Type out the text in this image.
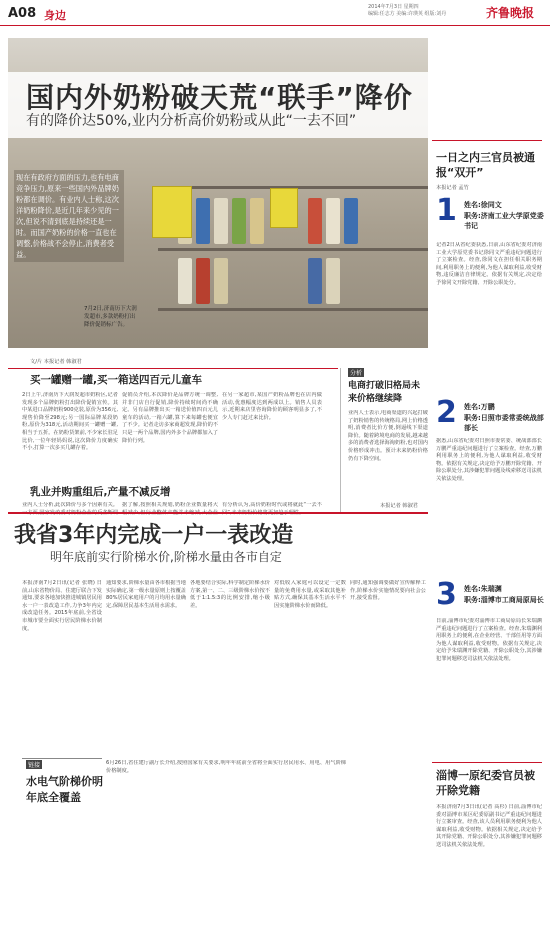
A08 身边
2014年7月3日 星期四
编辑:任志方 美编:许瑛英 组版:刘丹	齐鲁晚报
国内外奶粉破天荒“联手”降价
有的降价达50%,业内分析高价奶粉或从此“一去不回”
现在有政府方面的压力,也有电商竞争压力,原来一些国内外品牌奶粉都在调价。有业内人士称,这次洋奶粉降价,是近几年来少见的一次,但说不清到底是持续还是一时。而国产奶粉的价格一直也在调整,价格战不会停止,消费者受益。
7月2日,济南历下大润发超市,多款奶粉打出降价促销标广告。
文/片 本报记者 韩淑君
买一罐赠一罐,买一箱送四百元儿童车
2日上午,济南历下大润发超市奶粉区,记者发现多个品牌奶粉打出降价促销宣传。其中某进口品牌奶粉900克装,原价为356元,现售价降至298元;另一国际品牌某段奶粉,原价为318元,活动期间买一罐赠一罐,相当于五折。在奶粉货架前,不少家长驻足比价,一位年轻妈妈说,这次降价力度确实不小,打算一次多买几罐存着。
促销员介绍,本次降价是品牌方统一调整,并非门店自行促销,降价持续时间尚不确定。另有品牌推出买一箱送价值四百元儿童车的活动,一箱六罐,算下来每罐也便宜了不少。记者走访多家商超发现,降价的不只是一两个品牌,国内外多个品牌都加入了降价行列。
在另一家超市,某国产奶粉品牌也在店内做活动,优惠幅度达到两成以上。销售人员表示,近期来店里咨询降价的顾客明显多了,不少人专门赶过来比价。
乳业并购重组后,产量不减反增
业内人士分析,此次降价与多个因素有关。 据了解,按照相关规划,奶粉企业数量将大 有分析认为,高价奶粉时代或将就此“一去不
分析
电商打破旧格局未来价格继续降
业内人士表示,电商渠道的兴起打破了奶粉销售的传统格局,网上价格透明,消费者比价方便,倒逼线下渠道降价。随着跨境电商的发展,越来越多的消费者选择海淘奶粉,也对国内价格形成冲击。预计未来奶粉价格仍有下降空间。
本报记者 韩淑君
一日之内三官员被通报“双开”
本报记者 孟竹
1 姓名:徐同文
职务:济南工业大学原党委书记
记者2日从省纪委获悉,日前,山东省纪委对济南工业大学原党委书记徐同文严重违纪问题进行了立案检查。经查,徐同文在担任相关职务期间,利用职务上的便利,为他人谋取利益,收受财物,违反廉洁自律规定。依据有关规定,决定给予徐同文开除党籍、开除公职处分。
2 姓名:万鹏
职务:日照市委常委统战部部长
据悉,山东省纪委对日照市委常委、统战部部长万鹏严重违纪问题进行了立案检查。经查,万鹏利用职务上的便利,为他人谋取利益,收受财物。依据有关规定,决定给予万鹏开除党籍、开除公职处分,其涉嫌犯罪问题及线索移送司法机关依法处理。
3 姓名:朱瑞渊
职务:淄博市工商局原局长
日前,淄博市纪委对淄博市工商局原局长朱瑞渊严重违纪问题进行了立案检查。经查,朱瑞渊利用职务上的便利,在企业经营、干部任用等方面为他人谋取利益,收受财物。依据有关规定,决定给予朱瑞渊开除党籍、开除公职处分,其涉嫌犯罪问题移送司法机关依法处理。
淄博一原纪委官员被开除党籍
本报济南7月3日讯(记者 高杉) 日前,淄博市纪委对淄博市某区纪委原副书记严重违纪问题进行立案审查。经查,该人员利用职务便利为他人谋取利益,收受财物。依据相关规定,决定给予其开除党籍、开除公职处分,其涉嫌犯罪问题移送司法机关依法处理。
我省3年内完成一户一表改造
明年底前实行阶梯水价,阶梯水量由各市自定
本报济南7月2日讯(记者 张晓) 日前,山东省物价局、住建厅联合下发通知,要求各地加快推进城镇居民用水一户一表改造工作,力争3年内完成改造任务。2015年底前,全省设市城市要全面实行居民阶梯水价制度。
通知要求,阶梯水量由各市根据当地实际确定,第一级水量原则上按覆盖80%居民家庭用户的月均用水量确定,保障居民基本生活用水需求。
各地要结合实际,科学制定阶梯水价方案,第一、二、三级阶梯水价按不低于1:1.5:3的比例安排,缩小级差。
对低收入家庭可以设定一定数量的免费用水量,或采取其他补贴方式,确保其基本生活水平不因实施阶梯水价而降低。
同时,通知强调要做好宣传解释工作,阶梯水价实施情况要向社会公开,接受监督。
链接
水电气阶梯价明年底全覆盖
6月26日,省住建厅副厅长介绍,按照国家有关要求,明年年底前全省将全面实行居民用水、用电、用气阶梯价格制度。
